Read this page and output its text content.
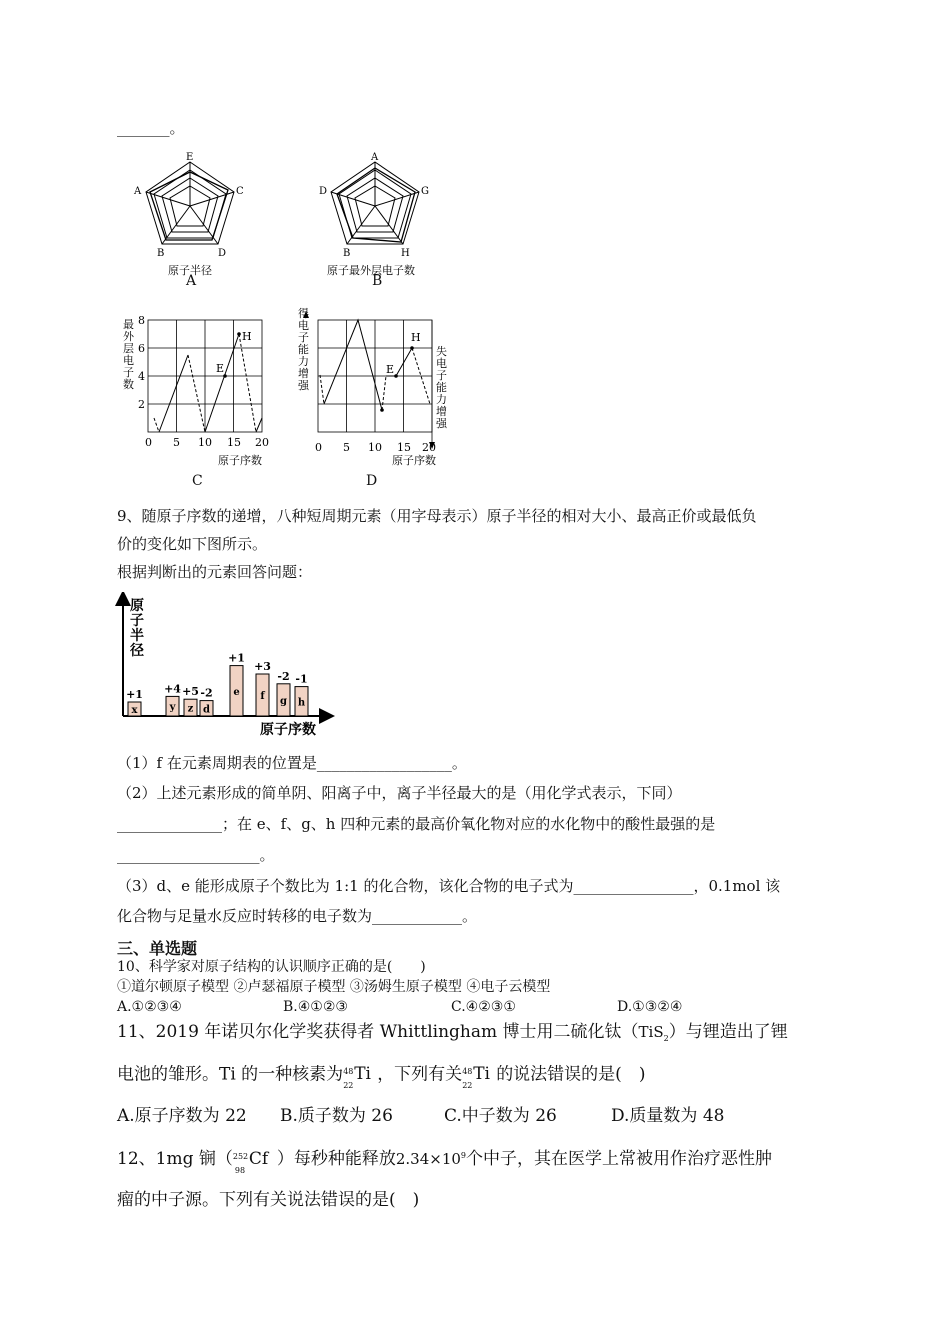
_______。
E
C
D
B
A
原子半径
A
A
G
H
B
D
原子最外层电子数
B
E
H
8
6
4
2
0 5 10 15 20
最
外
层
电
子
数
原子序数
C
E
H
0 5 10 15 20
得
电
子
能
力
增
强
失
电
子
能
力
增
强
原子序数
D
9、随原子序数的递增，八种短周期元素（用字母表示）原子半径的相对大小、最高正价或最低负
价的变化如下图所示。
根据判断出的元素回答问题：
原
子
半
径
原子序数
x
+1
y
+4
z
+5
d
-2 e
+1
f
+3
g
-2
h
-1
（1）f 在元素周期表的位置是__________________。
（2）上述元素形成的简单阴、阳离子中，离子半径最大的是（用化学式表示，下同）
______________；在 e、f、g、h 四种元素的最高价氧化物对应的水化物中的酸性最强的是
___________________。
（3）d、e 能形成原子个数比为 1:1 的化合物，该化合物的电子式为________________，0.1mol 该
化合物与足量水反应时转移的电子数为____________。
三、单选题
10、科学家对原子结构的认识顺序正确的是(　　)
①道尔顿原子模型 ②卢瑟福原子模型 ③汤姆生原子模型 ④电子云模型
A.①②③④	B.④①②③	C.④②③①	D.①③②④
11、2019 年诺贝尔化学奖获得者 Whittlingham 博士用二硫化钛（TiS$_2$）与锂造出了锂
电池的雏形。Ti 的一种核素为 48
22
Ti ，下列有关 48
22
Ti 的说法错误的是(　)
A.原子序数为 22 B.质子数为 26	C.中子数为 26	D.质量数为 48
12、1mg 锎（ 252
98
Cf ）每秒种能释放$2.34\times 10^9$个中子，其在医学上常被用作治疗恶性肿
瘤的中子源。下列有关说法错误的是(　)
